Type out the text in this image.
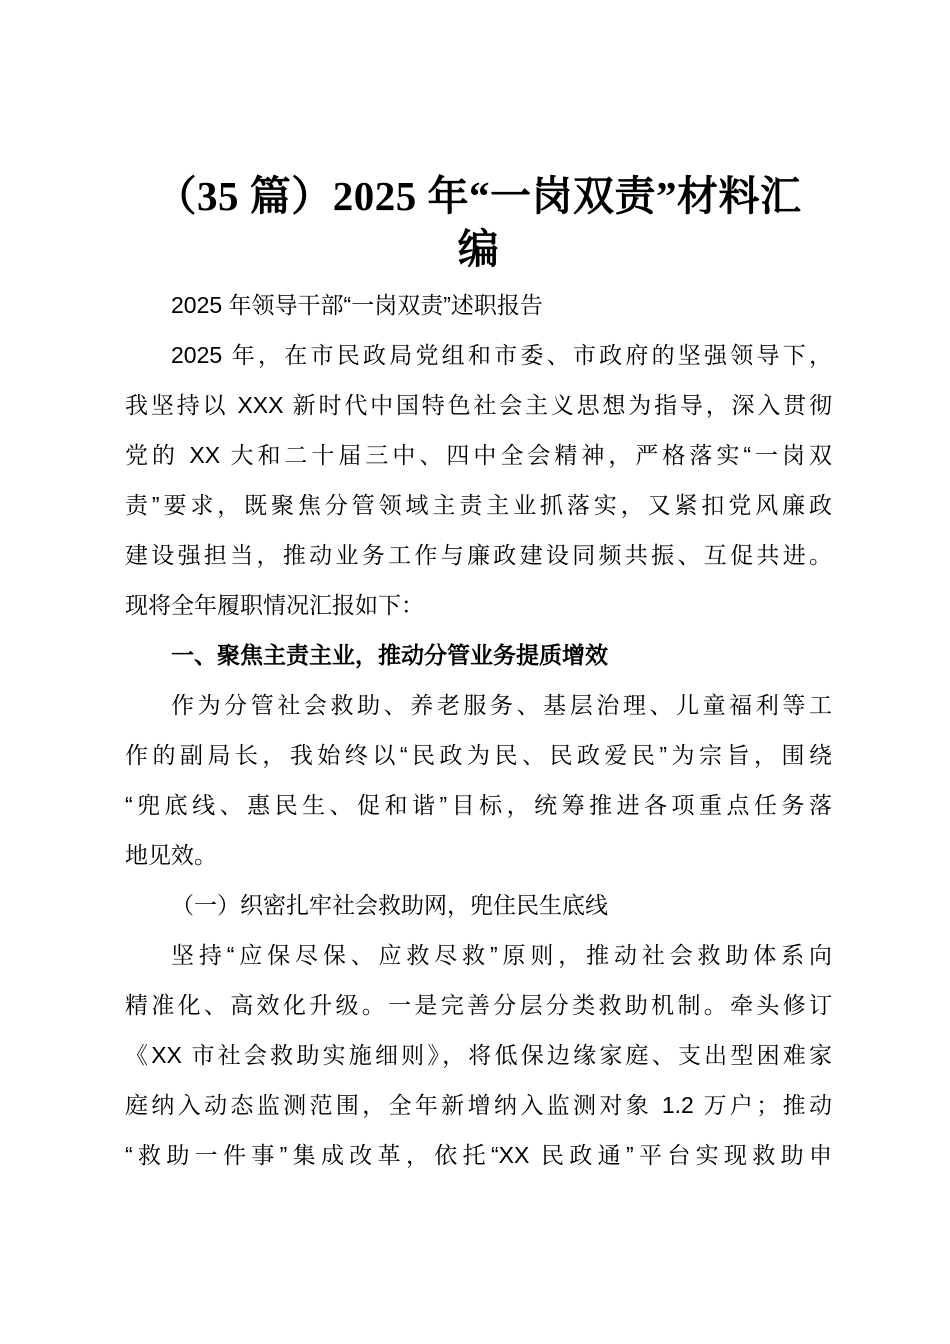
（35 篇）2025 年“一岗双责”材料汇
编
2025 年领导干部“一岗双责”述职报告
2025 年，在市民政局党组和市委、市政府的坚强领导下，
我坚持以 XXX 新时代中国特色社会主义思想为指导，深入贯彻
党的 XX 大和二十届三中、四中全会精神，严格落实“一岗双
责”要求，既聚焦分管领域主责主业抓落实，又紧扣党风廉政
建设强担当，推动业务工作与廉政建设同频共振、互促共进。
现将全年履职情况汇报如下：
一、聚焦主责主业，推动分管业务提质增效
作为分管社会救助、养老服务、基层治理、儿童福利等工
作的副局长，我始终以“民政为民、民政爱民”为宗旨，围绕
“兜底线、惠民生、促和谐”目标，统筹推进各项重点任务落
地见效。
（一）织密扎牢社会救助网，兜住民生底线
坚持“应保尽保、应救尽救”原则，推动社会救助体系向
精准化、高效化升级。一是完善分层分类救助机制。牵头修订
《XX 市社会救助实施细则》，将低保边缘家庭、支出型困难家
庭纳入动态监测范围，全年新增纳入监测对象 1.2 万户；推动
“救助一件事”集成改革，依托“XX 民政通”平台实现救助申
